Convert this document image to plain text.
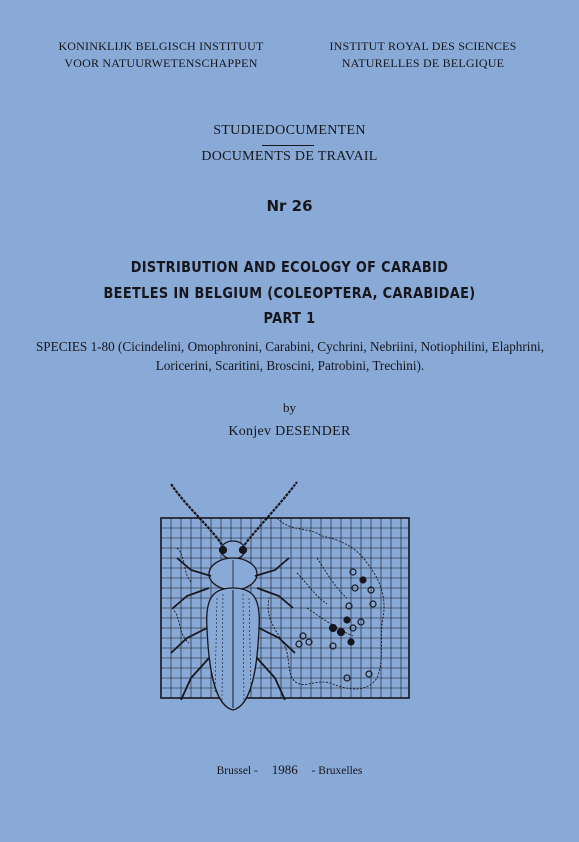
KONINKLIJK BELGISCH INSTITUUT
VOOR NATUURWETENSCHAPPEN
INSTITUT ROYAL DES SCIENCES
NATURELLES DE BELGIQUE
STUDIEDOCUMENTEN
DOCUMENTS DE TRAVAIL
Nr 26
DISTRIBUTION AND ECOLOGY OF CARABID
BEETLES IN BELGIUM (COLEOPTERA, CARABIDAE)
PART 1
SPECIES 1-80 (Cicindelini, Omophronini, Carabini, Cychrini, Nebriini, Notiophilini, Elaphrini,
Loricerini, Scaritini, Broscini, Patrobini, Trechini).
by
Konjev DESENDER
Brussel - 1986 - Bruxelles
